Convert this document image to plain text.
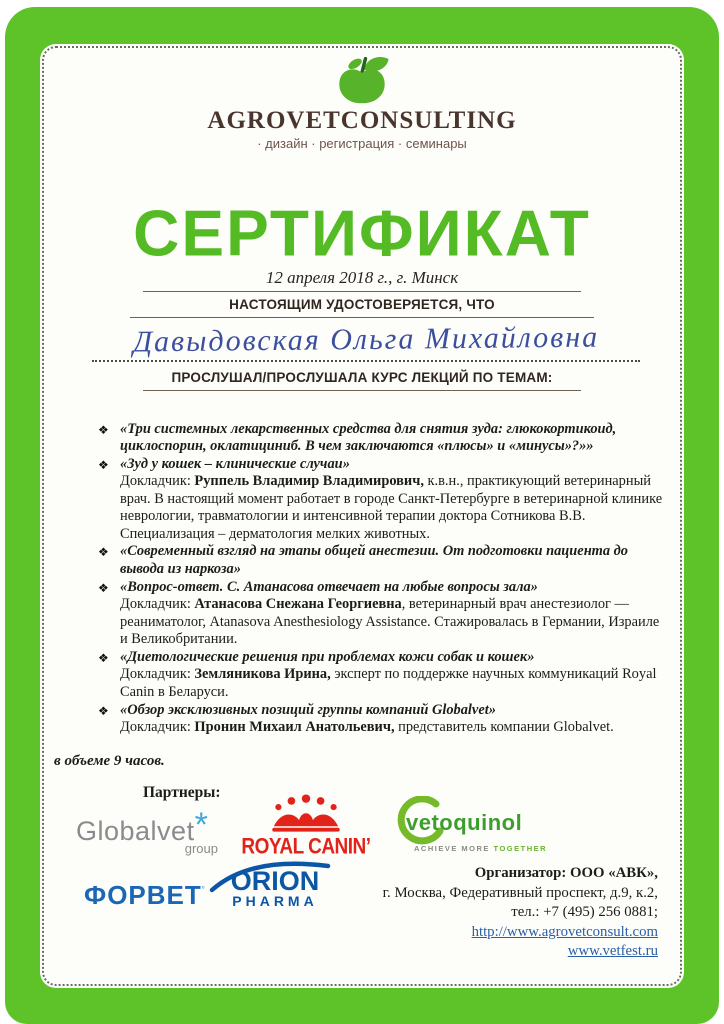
AGROVETCONSULTING
· дизайн · регистрация · семинары
СЕРТИФИКАТ
12 апреля 2018 г., г. Минск
НАСТОЯЩИМ УДОСТОВЕРЯЕТСЯ, ЧТО
Давыдовская Ольга Михайловна
ПРОСЛУШАЛ/ПРОСЛУШАЛА КУРС ЛЕКЦИЙ ПО ТЕМАМ:
❖ «Три системных лекарственных средства для снятия зуда: глюкокортикоид, циклоспорин, оклатициниб. В чем заключаются «плюсы» и «минусы»?»»
❖ «Зуд у кошек – клинические случаи»
Докладчик: Руппель Владимир Владимирович, к.в.н., практикующий ветеринарный врач. В настоящий момент работает в городе Санкт-Петербурге в ветеринарной клинике неврологии, травматологии и интенсивной терапии доктора Сотникова В.В. Специализация – дерматология мелких животных.
❖ «Современный взгляд на этапы общей анестезии. От подготовки пациента до вывода из наркоза»
❖ «Вопрос-ответ. С. Атанасова отвечает на любые вопросы зала»
Докладчик: Атанасова Снежана Георгиевна, ветеринарный врач анестезиолог — реаниматолог, Atanasova Anesthesiology Assistance. Стажировалась в Германии, Израиле и Великобритании.
❖ «Диетологические решения при проблемах кожи собак и кошек»
Докладчик: Земляникова Ирина, эксперт по поддержке научных коммуникаций Royal Canin в Беларуси.
❖ «Обзор эксклюзивных позиций группы компаний Globalvet»
Докладчик: Пронин Михаил Анатольевич, представитель компании Globalvet.
в объеме 9 часов.
Партнеры:
Globalvet*
group ROYAL CANIN’
vetoquinol
ACHIEVE MORE TOGETHER
ФОРВЕТ˚ ORION
PHARMA
Организатор: ООО «АВК»,
г. Москва, Федеративный проспект, д.9, к.2,
тел.: +7 (495) 256 0881;
http://www.agrovetconsult.com
www.vetfest.ru
